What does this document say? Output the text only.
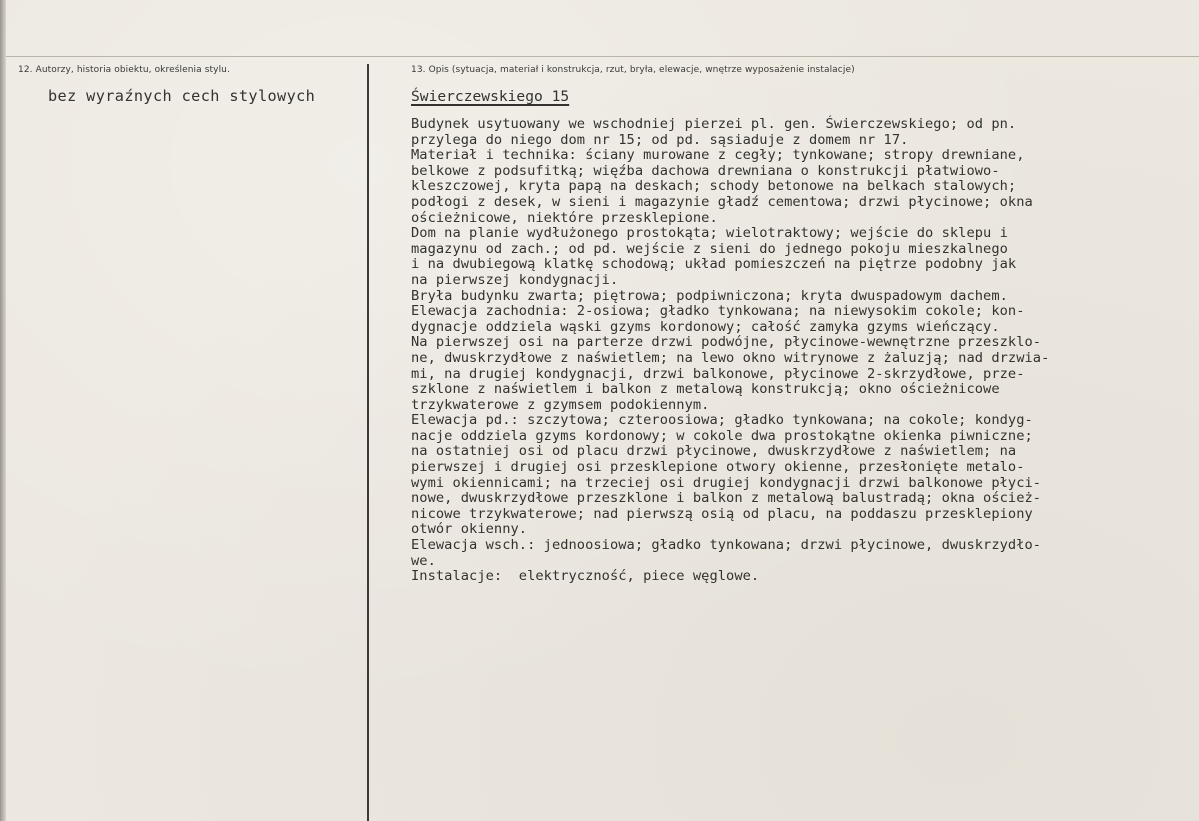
12. Autorzy, historia obiektu, określenia stylu.
bez wyraźnych cech stylowych
13. Opis (sytuacja, materiał i konstrukcja, rzut, bryła, elewacje, wnętrze wyposażenie instalacje)
Świerczewskiego 15
Budynek usytuowany we wschodniej pierzei pl. gen. Świerczewskiego; od pn.
przylega do niego dom nr 15; od pd. sąsiaduje z domem nr 17.
Materiał i technika: ściany murowane z cegły; tynkowane; stropy drewniane,
belkowe z podsufitką; więźba dachowa drewniana o konstrukcji płatwiowo-
kleszczowej, kryta papą na deskach; schody betonowe na belkach stalowych;
podłogi z desek, w sieni i magazynie gładź cementowa; drzwi płycinowe; okna
ościeżnicowe, niektóre przesklepione.
Dom na planie wydłużonego prostokąta; wielotraktowy; wejście do sklepu i
magazynu od zach.; od pd. wejście z sieni do jednego pokoju mieszkalnego
i na dwubiegową klatkę schodową; układ pomieszczeń na piętrze podobny jak
na pierwszej kondygnacji.
Bryła budynku zwarta; piętrowa; podpiwniczona; kryta dwuspadowym dachem.
Elewacja zachodnia: 2-osiowa; gładko tynkowana; na niewysokim cokole; kon-
dygnacje oddziela wąski gzyms kordonowy; całość zamyka gzyms wieńczący.
Na pierwszej osi na parterze drzwi podwójne, płycinowe-wewnętrzne przeszklo-
ne, dwuskrzydłowe z naświetlem; na lewo okno witrynowe z żaluzją; nad drzwia-
mi, na drugiej kondygnacji, drzwi balkonowe, płycinowe 2-skrzydłowe, prze-
szklone z naświetlem i balkon z metalową konstrukcją; okno ościeżnicowe
trzykwaterowe z gzymsem podokiennym.
Elewacja pd.: szczytowa; czteroosiowa; gładko tynkowana; na cokole; kondyg-
nacje oddziela gzyms kordonowy; w cokole dwa prostokątne okienka piwniczne;
na ostatniej osi od placu drzwi płycinowe, dwuskrzydłowe z naświetlem; na
pierwszej i drugiej osi przesklepione otwory okienne, przesłonięte metalo-
wymi okiennicami; na trzeciej osi drugiej kondygnacji drzwi balkonowe płyci-
nowe, dwuskrzydłowe przeszklone i balkon z metalową balustradą; okna oścież-
nicowe trzykwaterowe; nad pierwszą osią od placu, na poddaszu przesklepiony
otwór okienny.
Elewacja wsch.: jednoosiowa; gładko tynkowana; drzwi płycinowe, dwuskrzydło-
we.
Instalacje:  elektryczność, piece węglowe.
